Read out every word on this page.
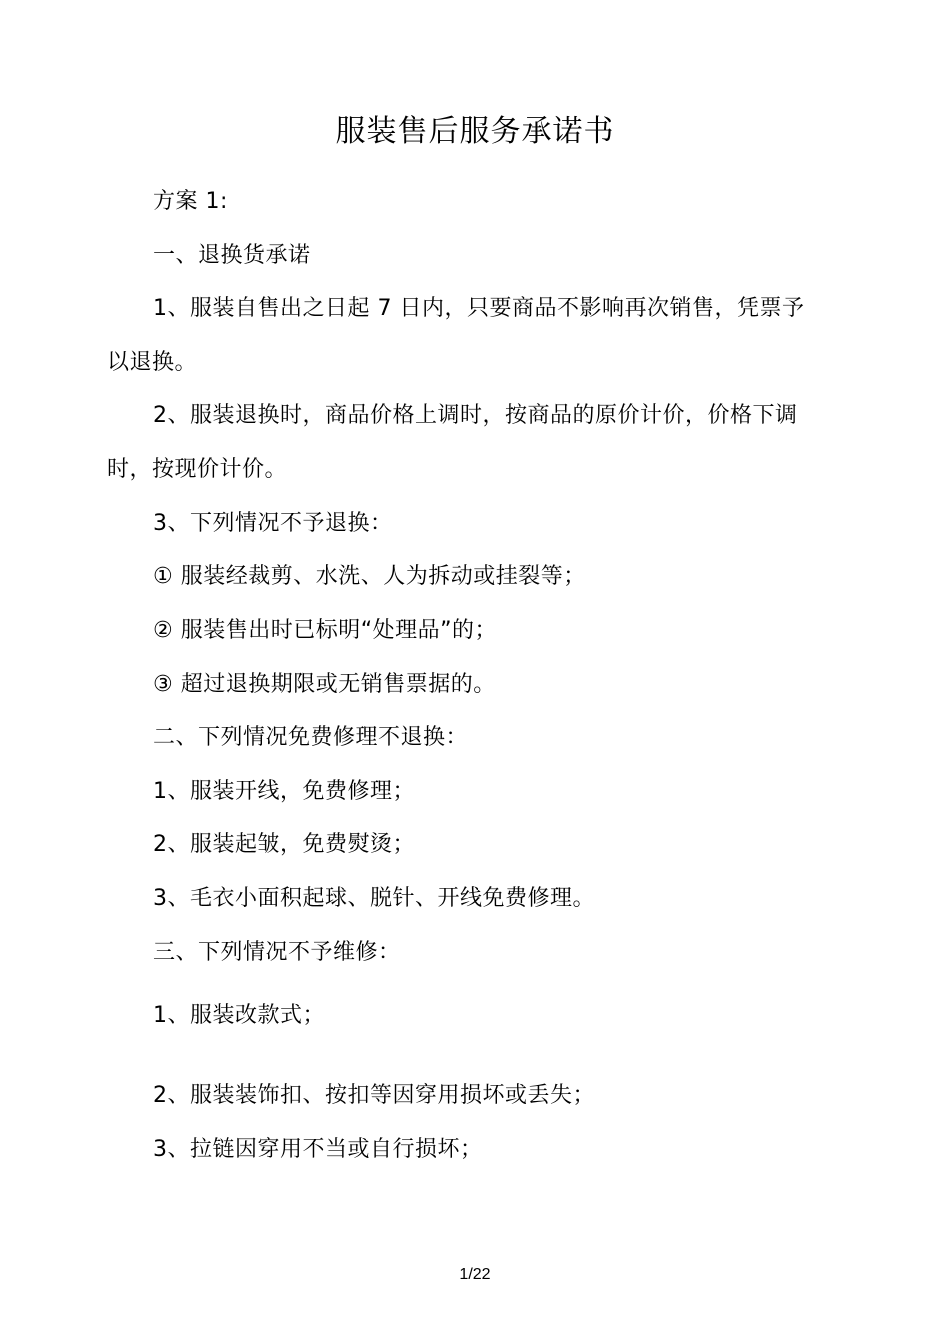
服装售后服务承诺书
方案 1:
一、退换货承诺
1、服装自售出之日起 7 日内，只要商品不影响再次销售，凭票予
以退换。
2、服装退换时，商品价格上调时，按商品的原价计价，价格下调
时，按现价计价。
3、下列情况不予退换：
① 服装经裁剪、水洗、人为拆动或挂裂等；
② 服装售出时已标明“处理品”的；
③ 超过退换期限或无销售票据的。
二、下列情况免费修理不退换：
1、服装开线，免费修理；
2、服装起皱，免费熨烫；
3、毛衣小面积起球、脱针、开线免费修理。
三、下列情况不予维修：
1、服装改款式；
2、服装装饰扣、按扣等因穿用损坏或丢失；
3、拉链因穿用不当或自行损坏；
1/22
